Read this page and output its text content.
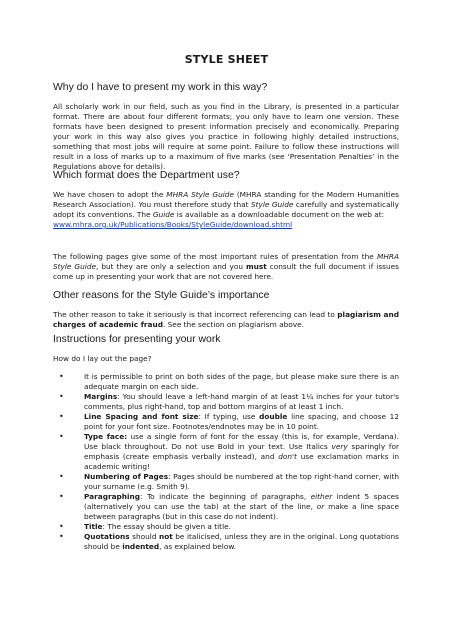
STYLE SHEET
Why do I have to present my work in this way?

All scholarly work in our field, such as you find in the Library, is presented in a particular format. There are about four different formats; you only have to learn one version. These formats have been designed to present information precisely and economically. Preparing your work in this way also gives you practice in following highly detailed instructions, something that most jobs will require at some point. Failure to follow these instructions will result in a loss of marks up to a maximum of five marks (see ‘Presentation Penalties’ in the Regulations above for details).

Which format does the Department use?

We have chosen to adopt the MHRA Style Guide (MHRA standing for the Modern Humanities Research Association). You must therefore study that Style Guide carefully and systematically adopt its conventions. The Guide is available as a downloadable document on the web at:
www.mhra.org.uk/Publications/Books/StyleGuide/download.shtml

The following pages give some of the most important rules of presentation from the MHRA Style Guide, but they are only a selection and you must consult the full document if issues come up in presenting your work that are not covered here.

Other reasons for the Style Guide’s importance

The other reason to take it seriously is that incorrect referencing can lead to plagiarism and charges of academic fraud. See the section on plagiarism above.

Instructions for presenting your work

How do I lay out the page?

•	It is permissible to print on both sides of the page, but please make sure there is an adequate margin on each side.
•	Margins: You should leave a left-hand margin of at least 1¼ inches for your tutor's comments, plus right-hand, top and bottom margins of at least 1 inch.
•	Line Spacing and font size: If typing, use double line spacing, and choose 12 point for your font size. Footnotes/endnotes may be in 10 point.
•	Type face: use a single form of font for the essay (this is, for example, Verdana). Use black throughout. Do not use Bold in your text. Use Italics very sparingly for emphasis (create emphasis verbally instead), and don't use exclamation marks in academic writing!
•	Numbering of Pages: Pages should be numbered at the top right-hand corner, with your surname (e.g. Smith 9).
•	Paragraphing: To indicate the beginning of paragraphs, either indent 5 spaces (alternatively you can use the tab) at the start of the line, or make a line space between paragraphs (but in this case do not indent).
•	Title: The essay should be given a title.
•	Quotations should not be italicised, unless they are in the original. Long quotations should be indented, as explained below.
